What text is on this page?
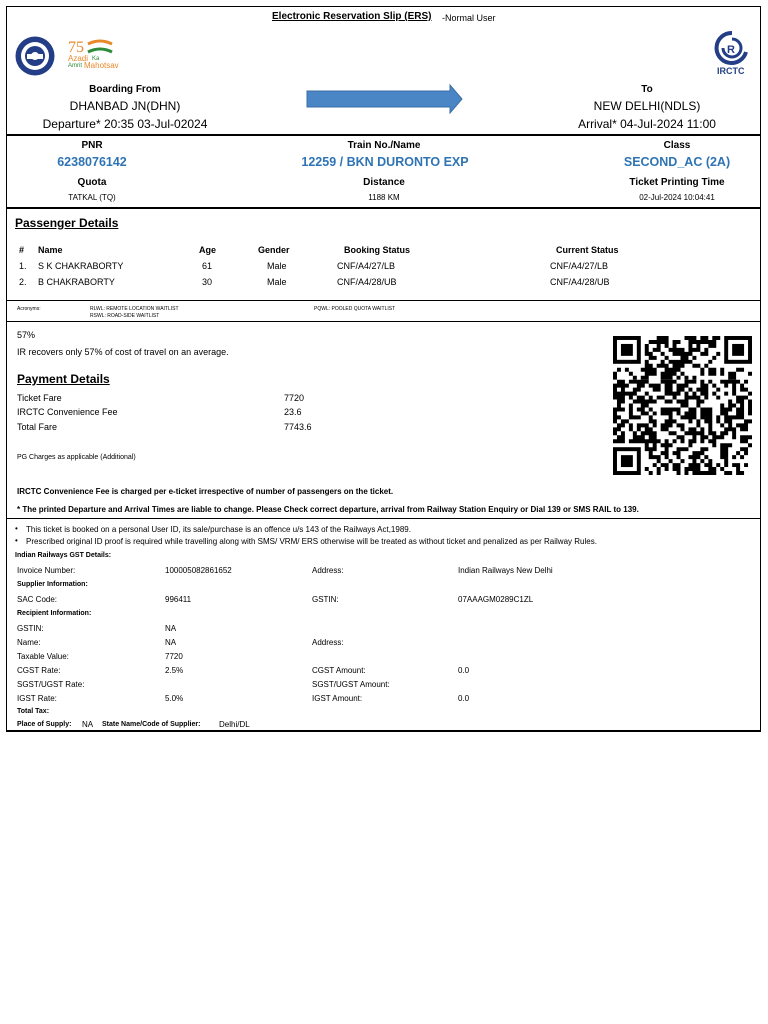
Electronic Reservation Slip (ERS) -Normal User
75
Azadi Ka
Amrit Mahotsav
R
IRCTC
Boarding From
DHANBAD JN(DHN)
Departure* 20:35 03-Jul-02024
To
NEW DELHI(NDLS)
Arrival* 04-Jul-2024 11:00
PNR
6238076142
Train No./Name
12259 / BKN DURONTO EXP
Class
SECOND_AC (2A)
Quota
TATKAL (TQ)
Distance
1188 KM
Ticket Printing Time
02-Jul-2024 10:04:41
Passenger Details
# Name	Age	Gender	Booking Status	Current Status
1. S K CHAKRABORTY	61	Male	CNF/A4/27/LB	CNF/A4/27/LB
2. B CHAKRABORTY	30	Male	CNF/A4/28/UB	CNF/A4/28/UB
Acronyms:	RLWL: REMOTE LOCATION WAITLIST
RSWL: ROAD-SIDE WAITLIST
PQWL: POOLED QUOTA WAITLIST
57%
IR recovers only 57% of cost of travel on an average.
Payment Details
Ticket Fare	7720
IRCTC Convenience Fee	23.6
Total Fare	7743.6
PG Charges as applicable (Additional)
IRCTC Convenience Fee is charged per e-ticket irrespective of number of passengers on the ticket.
* The printed Departure and Arrival Times are liable to change. Please Check correct departure, arrival from Railway Station Enquiry or Dial 139 or SMS RAIL to 139.
• This ticket is booked on a personal User ID, its sale/purchase is an offence u/s 143 of the Railways Act,1989.
• Prescribed original ID proof is required while travelling along with SMS/ VRM/ ERS otherwise will be treated as without ticket and penalized as per Railway Rules.
Indian Railways GST Details:
Invoice Number:	100005082861652	Address:	Indian Railways New Delhi
Supplier Information:
SAC Code:	996411	GSTIN:	07AAAGM0289C1ZL
Recipient Information:
GSTIN:	NA
Name:	NA	Address:
Taxable Value:	7720
CGST Rate:	2.5%	CGST Amount:	0.0
SGST/UGST Rate:	SGST/UGST Amount:
IGST Rate:	5.0%	IGST Amount:	0.0
Total Tax:
Place of Supply: NA State Name/Code of Supplier: Delhi/DL
